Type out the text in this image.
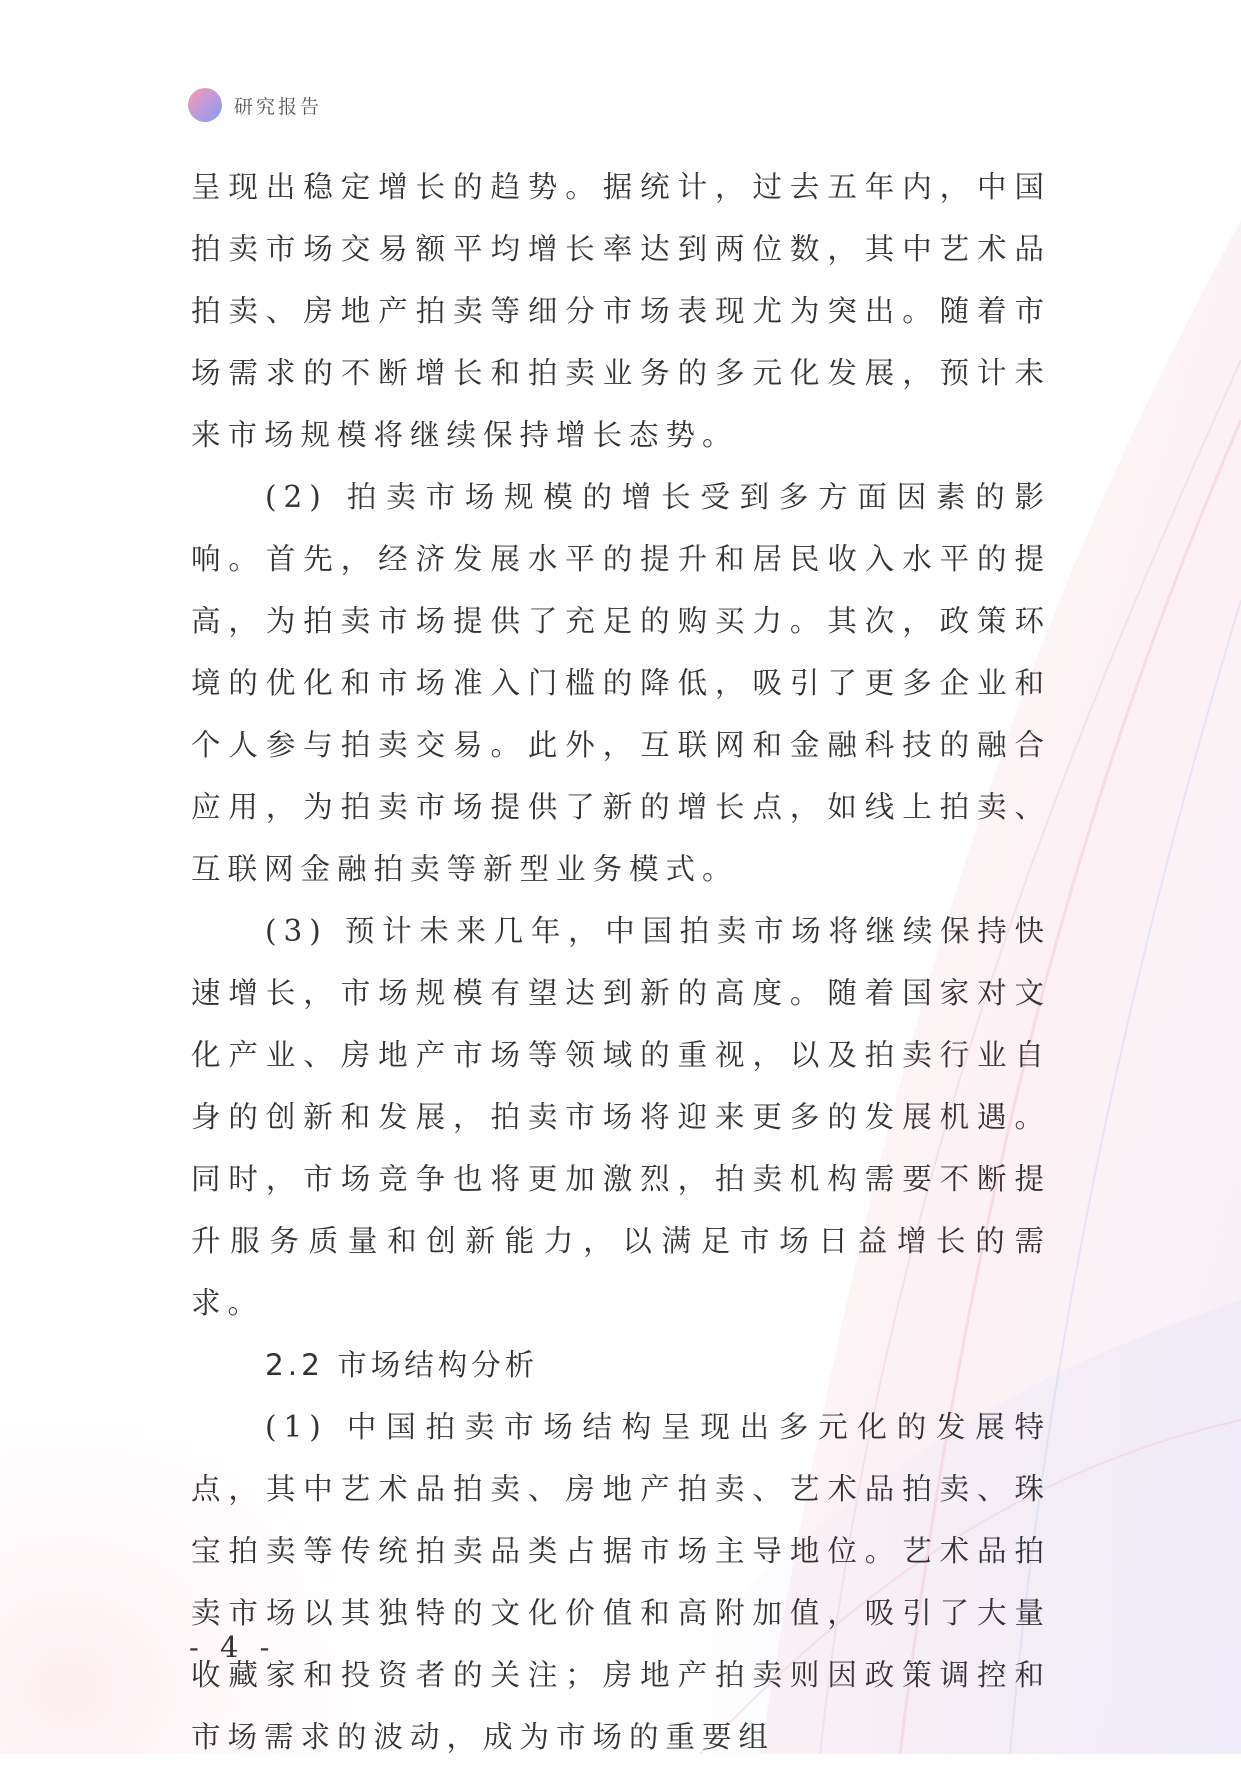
研究报告

呈现出稳定增长的趋势。据统计，过去五年内，中国拍卖市场交易额平均增长率达到两位数，其中艺术品拍卖、房地产拍卖等细分市场表现尤为突出。随着市场需求的不断增长和拍卖业务的多元化发展，预计未来市场规模将继续保持增长态势。

(2) 拍卖市场规模的增长受到多方面因素的影响。首先，经济发展水平的提升和居民收入水平的提高，为拍卖市场提供了充足的购买力。其次，政策环境的优化和市场准入门槛的降低，吸引了更多企业和个人参与拍卖交易。此外，互联网和金融科技的融合应用，为拍卖市场提供了新的增长点，如线上拍卖、互联网金融拍卖等新型业务模式。

(3) 预计未来几年，中国拍卖市场将继续保持快速增长，市场规模有望达到新的高度。随着国家对文化产业、房地产市场等领域的重视，以及拍卖行业自身的创新和发展，拍卖市场将迎来更多的发展机遇。同时，市场竞争也将更加激烈，拍卖机构需要不断提升服务质量和创新能力，以满足市场日益增长的需求。

2.2 市场结构分析

(1) 中国拍卖市场结构呈现出多元化的发展特点，其中艺术品拍卖、房地产拍卖、艺术品拍卖、珠宝拍卖等传统拍卖品类占据市场主导地位。艺术品拍卖市场以其独特的文化价值和高附加值，吸引了大量收藏家和投资者的关注；房地产拍卖则因政策调控和市场需求的波动，成为市场的重要组

- 4 -
